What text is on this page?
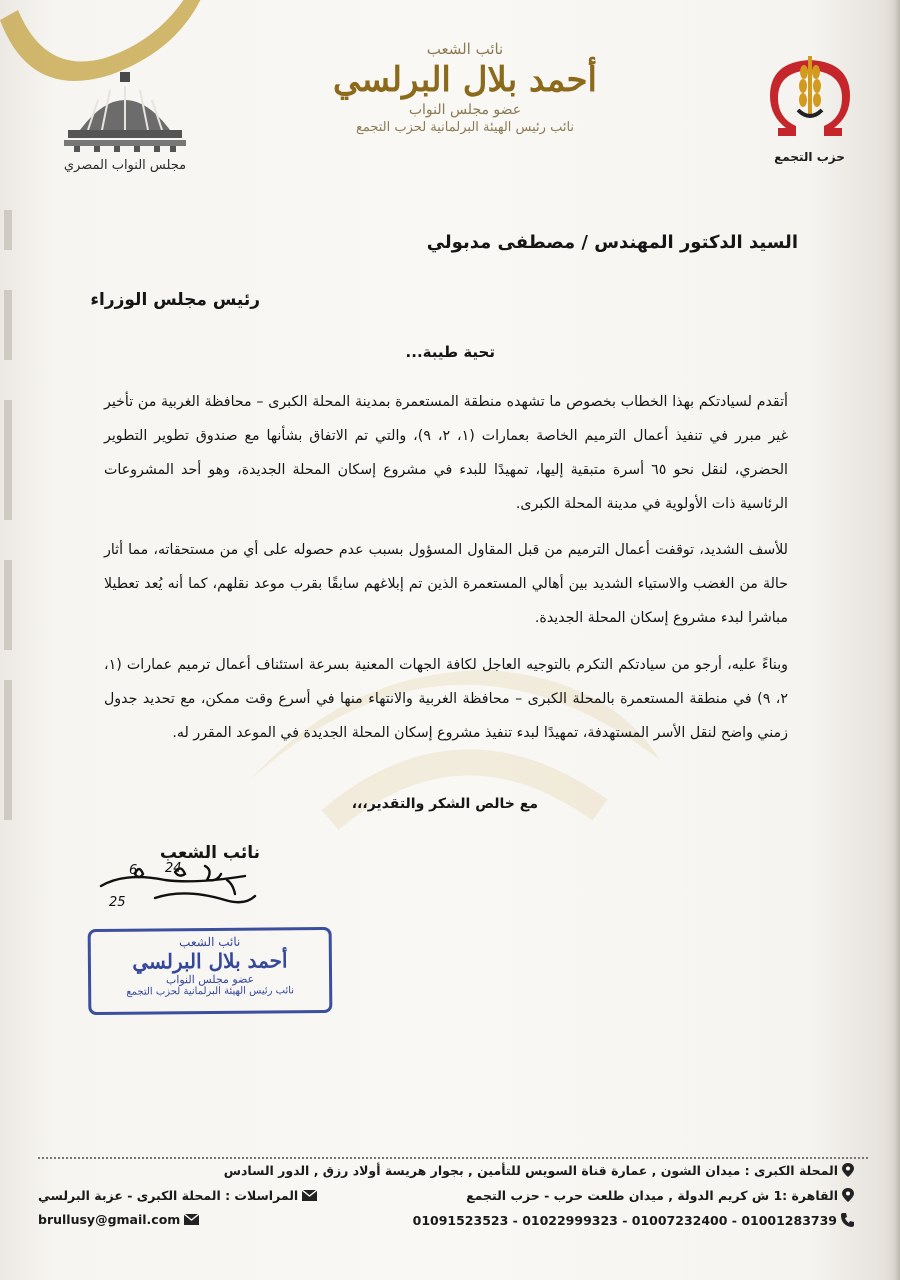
مجلس النواب المصري
حزب التجمع
نائب الشعب
أحمد بلال البرلسي
عضو مجلس النواب
نائب رئيس الهيئة البرلمانية لحزب التجمع
السيد الدكتور المهندس / مصطفى مدبولي
رئيس مجلس الوزراء
تحية طيبة...
أتقدم لسيادتكم بهذا الخطاب بخصوص ما تشهده منطقة المستعمرة بمدينة المحلة الكبرى – محافظة الغربية من تأخير غير مبرر في تنفيذ أعمال الترميم الخاصة بعمارات (١، ٢، ٩)، والتي تم الاتفاق بشأنها مع صندوق تطوير التطوير الحضري، لنقل نحو ٦٥ أسرة متبقية إليها، تمهيدًا للبدء في مشروع إسكان المحلة الجديدة، وهو أحد المشروعات الرئاسية ذات الأولوية في مدينة المحلة الكبرى.
للأسف الشديد، توقفت أعمال الترميم من قبل المقاول المسؤول بسبب عدم حصوله على أي من مستحقاته، مما أثار حالة من الغضب والاستياء الشديد بين أهالي المستعمرة الذين تم إبلاغهم سابقًا بقرب موعد نقلهم، كما أنه يُعد تعطيلا مباشرا لبدء مشروع إسكان المحلة الجديدة.
وبناءً عليه، أرجو من سيادتكم التكرم بالتوجيه العاجل لكافة الجهات المعنية بسرعة استئناف أعمال ترميم عمارات (١، ٢، ٩) في منطقة المستعمرة بالمحلة الكبرى – محافظة الغربية والانتهاء منها في أسرع وقت ممكن، مع تحديد جدول زمني واضح لنقل الأسر المستهدفة، تمهيدًا لبدء تنفيذ مشروع إسكان المحلة الجديدة في الموعد المقرر له.
مع خالص الشكر والتقدير،،،
نائب الشعب
6 24
25
نائب الشعب
أحمد بلال البرلسي
عضو مجلس النواب
نائب رئيس الهيئة البرلمانية لحزب التجمع
المحلة الكبرى : ميدان الشون , عمارة قناة السويس للتأمين , بجوار هريسة أولاد رزق , الدور السادس
القاهرة :1 ش كريم الدولة , ميدان طلعت حرب - حزب التجمع
المراسلات : المحلة الكبرى - عزبة البرلسي
brullusy@gmail.com	01091523523 - 01022999323 - 01007232400 - 01001283739
